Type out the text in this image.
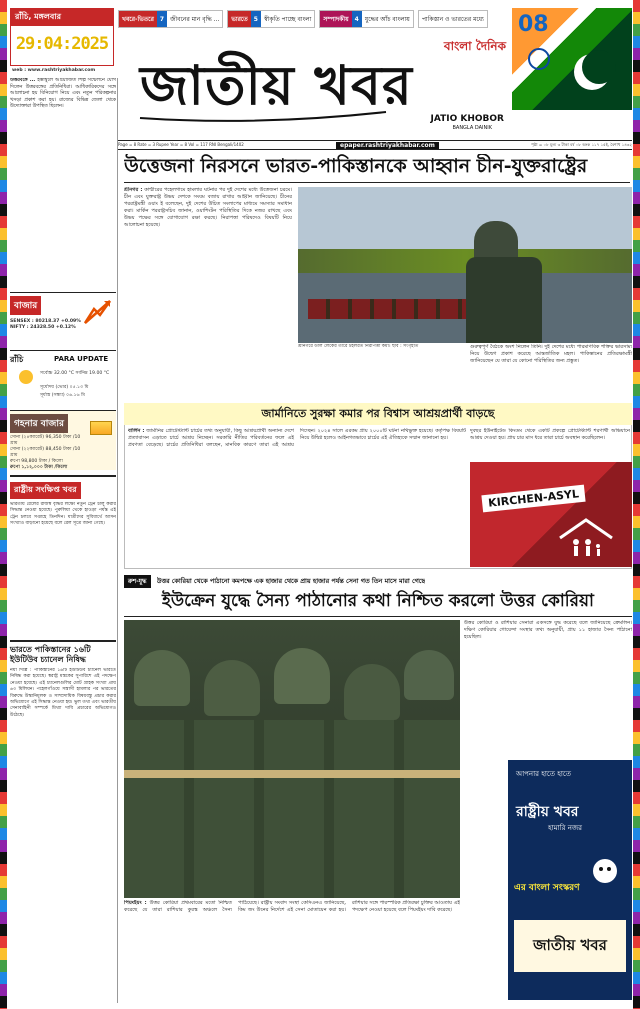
খবরে-ভিতরে	7	জীবনের মান বৃদ্ধি ...	ভারতে	5	স্বীকৃতি পাচ্ছে বাংলা	সম্পাদকীয়	4	যুদ্ধের আঁচ বাংলায়	পাকিস্তান ও ভারতের মধ্যে
রাঁচি, মঙ্গলবার
29:04:2025
web : www.rashtriyakhabar.com
বাংলা দৈনিক
জাতীয় খবর
JATIO KHOBOR
BANGLA DAINIK
08
Page = 8 Rate = 3 Rupee Year = 8 Vol = 117 RNI Bengali/1402	epaper.rashtriyakhabar.com	পৃষ্ঠা = ০৮ মূল্য ৩ টাকা বর্ষ ০৮ অংক ১১৭ ১৫ই, বৈশাখ ১৪৩২
উত্তরবঙ্গে ... ইস্তাম্বুলে আয়োজিত শিল্প সম্মেলনে যোগ দিলেন উত্তরবঙ্গের প্রতিনিধিরা। আধিকারিকদের সঙ্গে আলোচনা হয় বিনিয়োগ নিয়ে এবং নতুন পরিকল্পনার খসড়া প্রকাশ করা হয়। রাজ্যের বিভিন্ন জেলা থেকে উদ্যোক্তারা উপস্থিত ছিলেন।
বাজার
SENSEX : 80218.37 +0.09%
NIFTY : 24328.50 +0.12%
রাঁচি	PARA UPDATE
সর্বোচ্চ 32.00 °C সর্বনিম্ন 19.00 °C
সূর্যোদয় (ভোর) ০৫.১৩ মি
সূর্যাস্ত (সন্ধ্যা) ০৬.১৬ মি
গহনার বাজার
সোনা (২৪ক্যারেট) 96,350 টাকা /10 গ্রাম
সোনা (২২ক্যারেট) 88,450 টাকা /10 গ্রাম
রুপো 98,800 টাকা / কিলো
রুপো ১,১২,০০০ টাকা /কিলো
রাষ্ট্রীয় সংক্ষিপ্ত খবর
ভারতীয় রেলের রাজস্ব বৃদ্ধির লক্ষ্যে নতুন ট্রেন চালু করার সিদ্ধান্ত নেওয়া হয়েছে। পুরুলিয়া থেকে হাওড়া পর্যন্ত এই ট্রেন চলবে সপ্তাহে তিনদিন। যাত্রীদের সুবিধার্থে আসন সংখ্যাও বাড়ানো হয়েছে বলে রেল সূত্রে জানা গেছে।
ভারতে পাকিস্তানের ১৬টি ইউটিউব চ্যানেল নিষিদ্ধ
নয়া দিল্লি : পাকিস্তানের ১৬টি ইউটিউব চ্যানেল ভারতে নিষিদ্ধ করা হয়েছে। স্বরাষ্ট্র মন্ত্রকের সুপারিশে এই পদক্ষেপ নেওয়া হয়েছে। এই চ্যানেলগুলির মোট গ্রাহক সংখ্যা প্রায় ৬৩ মিলিয়ন। পহেলগাঁওয়ে সন্ত্রাসী হামলার পর ভারতের বিরুদ্ধে উস্কানিমূলক ও সাম্প্রদায়িক বিষয়বস্তু প্রচার করার অভিযোগে এই সিদ্ধান্ত নেওয়া হয়। ভুল তথ্য এবং ভারতীয় সেনাবাহিনী সম্পর্কে মিথ্যা দাবি প্রচারের অভিযোগও উঠেছে।
উত্তেজনা নিরসনে ভারত-পাকিস্তানকে আহ্বান চীন-যুক্তরাষ্ট্রের
শ্রীনগর : কাশ্মীরের পহেলগামে হামলার ঘটনার পর দুই দেশের মধ্যে উত্তেজনা চরমে। চীন এবং যুক্তরাষ্ট্র উভয় দেশকে সংযম বজায় রাখার আহ্বান জানিয়েছে। চীনের পররাষ্ট্রমন্ত্রী ওয়াং ই বলেছেন, দুই দেশের উচিত সংলাপের মাধ্যমে সমস্যার সমাধান করা। মার্কিন পররাষ্ট্রসচিব জানান, ওয়াশিংটন পরিস্থিতির দিকে নজর রাখছে এবং উভয় পক্ষের সঙ্গে যোগাযোগ রক্ষা করছে। নিরাপত্তা পরিষদেও বিষয়টি নিয়ে আলোচনা হয়েছে।
শ্রীনগরে ডাল লেকের তীরে টহলরত নিরাপত্তা কর্মী। ছবি : সংগৃহীত	গুরুত্বপূর্ণ বৈঠকে অংশ নিলেন তিনি। দুই দেশের মধ্যে পারমাণবিক শক্তির ভারসাম্য নিয়ে উদ্বেগ প্রকাশ করেছে আন্তর্জাতিক মহল। পাকিস্তানের প্রতিরক্ষামন্ত্রী জানিয়েছেন যে তারা যে কোনো পরিস্থিতির জন্য প্রস্তুত।
জার্মানিতে সুরক্ষা কমার পর বিশ্বাস আশ্রয়প্রার্থী বাড়ছে
বার্লিন : জার্মানির প্রোটেস্ট্যান্ট চার্চের তথ্য অনুযায়ী, কিছু আশ্রয়প্রার্থী অন্যান্য দেশে প্রত্যাবাসন এড়াতে চার্চে আশ্রয় নিচ্ছেন। সরকারি নীতির পরিবর্তনের ফলে এই প্রবণতা বেড়েছে। চার্চের প্রতিনিধিরা বলছেন, মানবিক কারণে তারা এই আশ্রয় দিচ্ছেন। ২০২৪ সালে এরকম প্রায় ২০০০টি ঘটনা নথিভুক্ত হয়েছে। কর্তৃপক্ষ বিষয়টি নিয়ে উদ্বিগ্ন হলেও আইনগতভাবে চার্চের এই ঐতিহ্যকে সম্মান জানানো হয়।
দুবছর ইউনাইটেড কিংডম থেকে একটি প্রকল্পে প্রোটেস্ট্যান্ট শরণার্থী অভিযানে আশ্রয় দেওয়া হয়। প্রায় চার মাস ধরে তারা চার্চে অবস্থান করেছিলেন।
KIRCHEN-ASYL
রুশ-যুদ্ধ	উত্তর কোরিয়া থেকে পাঠানো কমপক্ষে এক হাজার থেকে প্রায় হাজার পর্যন্ত সেনা গত তিন মাসে মারা গেছে
ইউক্রেন যুদ্ধে সৈন্য পাঠানোর কথা নিশ্চিত করলো উত্তর কোরিয়া
পিয়ংইয়ং : উত্তর কোরিয়া প্রথমবারের মতো নিশ্চিত করেছে যে তারা রাশিয়ার কুরস্ক অঞ্চলে সৈন্য পাঠিয়েছে। রাষ্ট্রীয় সংবাদ সংস্থা কেসিএনএ জানিয়েছে, কিম জং উনের নির্দেশে এই সেনা মোতায়েন করা হয়। রাশিয়ার সঙ্গে পারস্পরিক প্রতিরক্ষা চুক্তির আওতায় এই পদক্ষেপ নেওয়া হয়েছে বলে পিয়ংইয়ং দাবি করেছে।
উত্তর কোরিয়া ও রাশিয়ার সেনারা একসঙ্গে যুদ্ধ করেছে বলে জানিয়েছে ক্রেমলিন। দক্ষিণ কোরিয়ার গোয়েন্দা সংস্থার তথ্য অনুযায়ী, প্রায় ১১ হাজার সৈন্য পাঠানো হয়েছিল।
আপনার হাতে হাতে
রাষ্ট্রীয় খবর
হামারি নজর
এর বাংলা সংস্করণ
জাতীয় খবর
